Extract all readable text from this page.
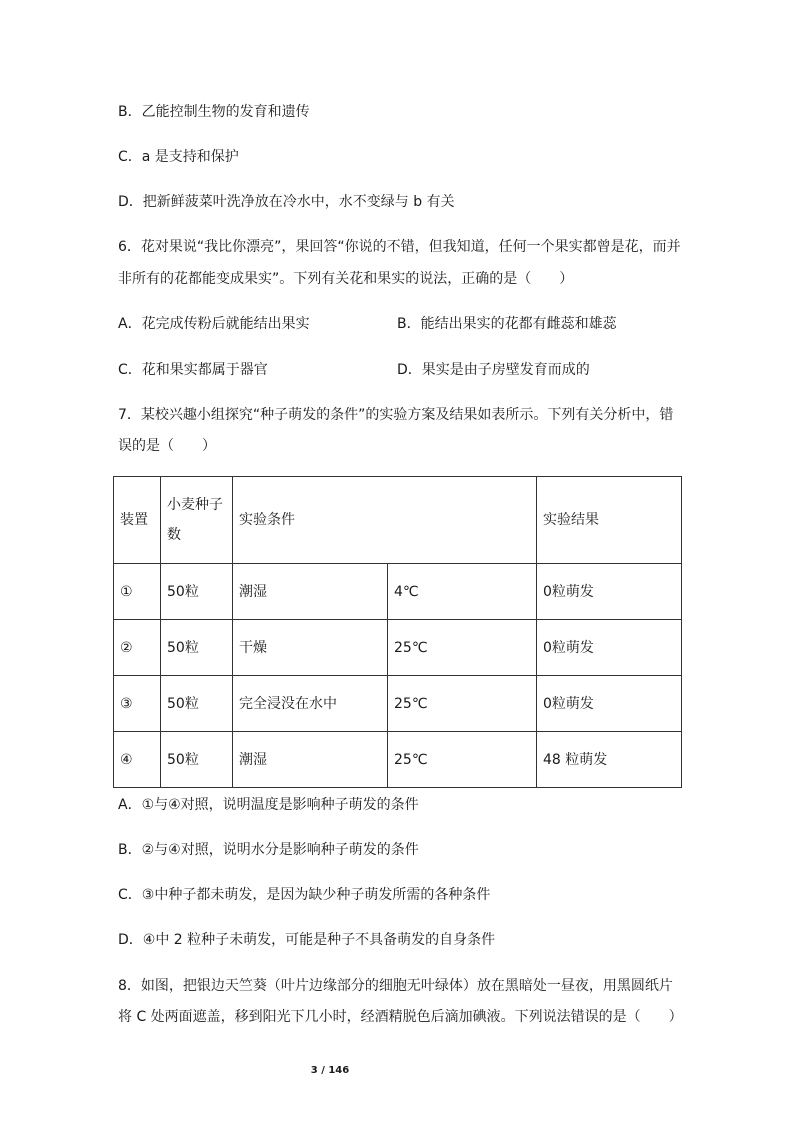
B．乙能控制生物的发育和遗传
C．a 是支持和保护
D．把新鲜菠菜叶洗净放在冷水中，水不变绿与 b 有关
6．花对果说“我比你漂亮”，果回答“你说的不错，但我知道，任何一个果实都曾是花，而并
非所有的花都能变成果实”。下列有关花和果实的说法，正确的是（　　）
A．花完成传粉后就能结出果实	B．能结出果实的花都有雌蕊和雄蕊
C．花和果实都属于器官	D．果实是由子房壁发育而成的
7．某校兴趣小组探究“种子萌发的条件”的实验方案及结果如表所示。下列有关分析中，错
误的是（　　）
装置	小麦种子数	实验条件		实验结果
①	50粒	潮湿	4℃	0粒萌发
②	50粒	干燥	25℃	0粒萌发
③	50粒	完全浸没在水中	25℃	0粒萌发
④	50粒	潮湿	25℃	48 粒萌发
A．①与④对照，说明温度是影响种子萌发的条件
B．②与④对照，说明水分是影响种子萌发的条件
C．③中种子都未萌发，是因为缺少种子萌发所需的各种条件
D．④中 2 粒种子未萌发，可能是种子不具备萌发的自身条件
8．如图，把银边天竺葵（叶片边缘部分的细胞无叶绿体）放在黑暗处一昼夜，用黑圆纸片
将 C 处两面遮盖，移到阳光下几小时，经酒精脱色后滴加碘液。下列说法错误的是（　　）
3 / 146
